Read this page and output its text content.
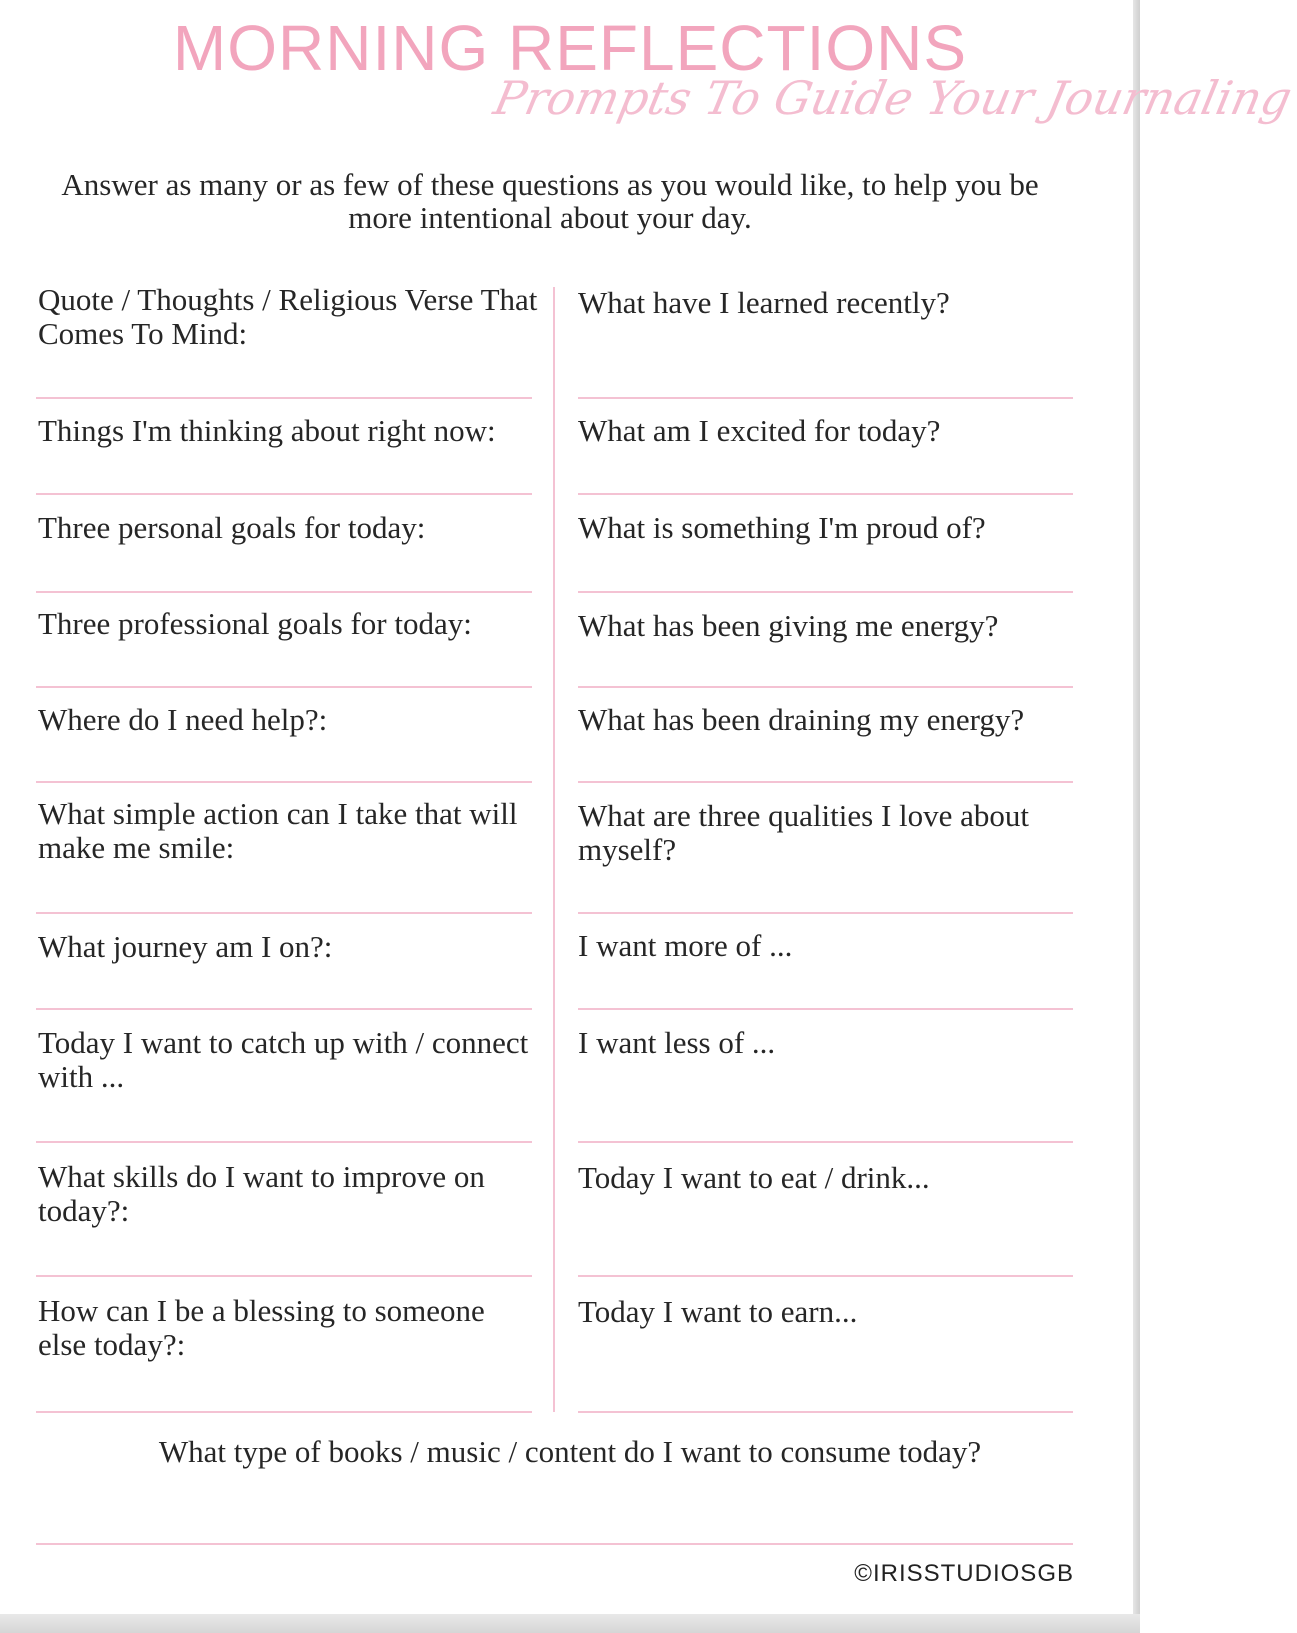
MORNING REFLECTIONS
Prompts To Guide Your Journaling
Answer as many or as few of these questions as you would like, to help you be more intentional about your day.

Quote / Thoughts / Religious Verse That Comes To Mind:

Things I'm thinking about right now:

Three personal goals for today:

Three professional goals for today:

Where do I need help?:

What simple action can I take that will make me smile:

What journey am I on?:

Today I want to catch up with / connect with ...

What skills do I want to improve on today?:

How can I be a blessing to someone else today?:

What have I learned recently?

What am I excited for today?

What is something I'm proud of?

What has been giving me energy?

What has been draining my energy?

What are three qualities I love about myself?

I want more of ...

I want less of ...

Today I want to eat / drink...

Today I want to earn...

What type of books / music / content do I want to consume today?
©IRISSTUDIOSGB
